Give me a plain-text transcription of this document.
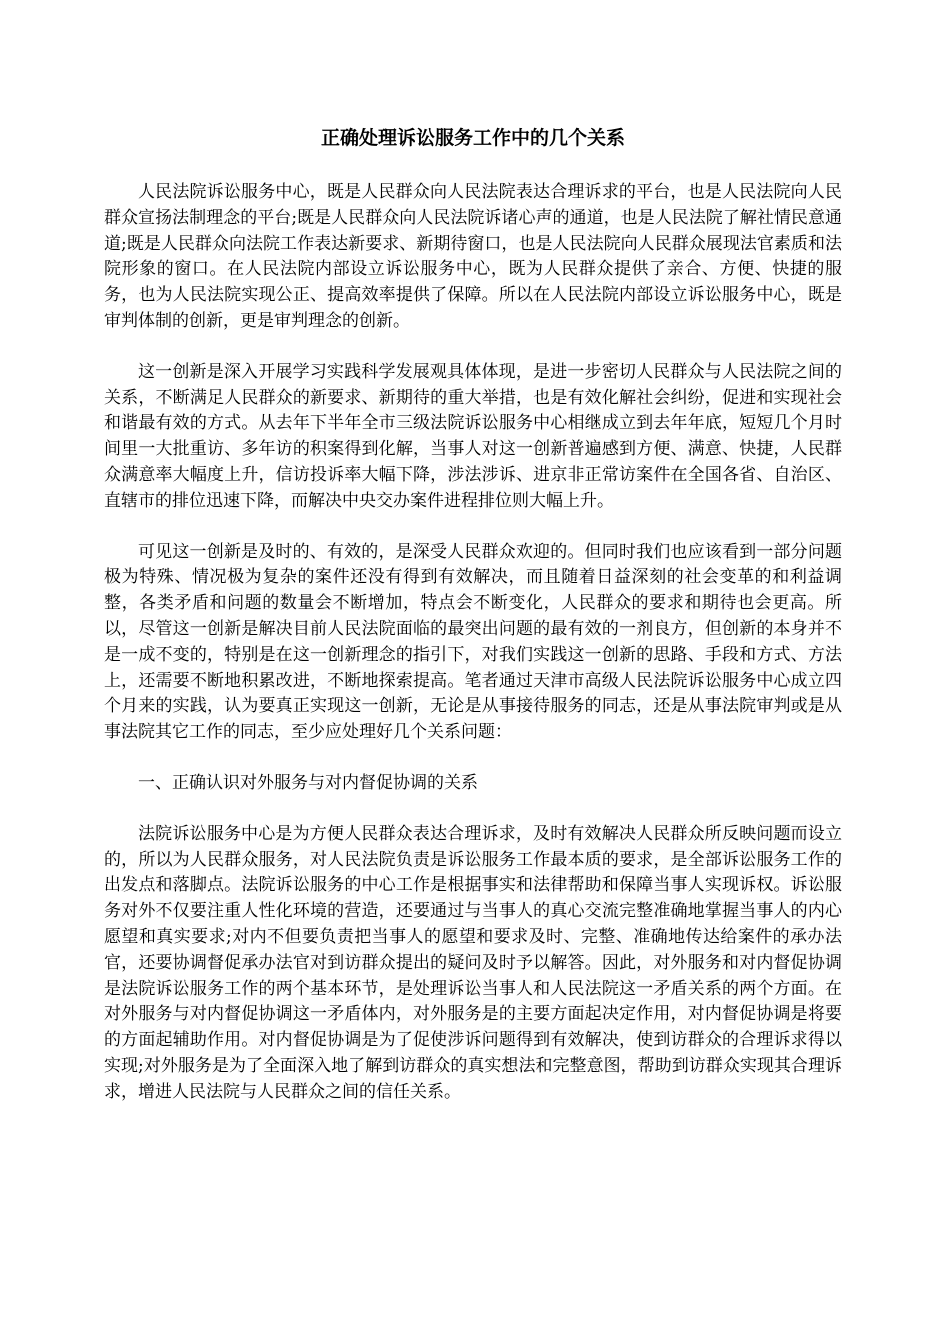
正确处理诉讼服务工作中的几个关系

人民法院诉讼服务中心，既是人民群众向人民法院表达合理诉求的平台，也是人民法院向人民群众宣扬法制理念的平台;既是人民群众向人民法院诉诸心声的通道，也是人民法院了解社情民意通道;既是人民群众向法院工作表达新要求、新期待窗口，也是人民法院向人民群众展现法官素质和法院形象的窗口。在人民法院内部设立诉讼服务中心，既为人民群众提供了亲合、方便、快捷的服务，也为人民法院实现公正、提高效率提供了保障。所以在人民法院内部设立诉讼服务中心，既是审判体制的创新，更是审判理念的创新。

这一创新是深入开展学习实践科学发展观具体体现，是进一步密切人民群众与人民法院之间的关系，不断满足人民群众的新要求、新期待的重大举措，也是有效化解社会纠纷，促进和实现社会和谐最有效的方式。从去年下半年全市三级法院诉讼服务中心相继成立到去年年底，短短几个月时间里一大批重访、多年访的积案得到化解，当事人对这一创新普遍感到方便、满意、快捷，人民群众满意率大幅度上升，信访投诉率大幅下降，涉法涉诉、进京非正常访案件在全国各省、自治区、直辖市的排位迅速下降，而解决中央交办案件进程排位则大幅上升。

可见这一创新是及时的、有效的，是深受人民群众欢迎的。但同时我们也应该看到一部分问题极为特殊、情况极为复杂的案件还没有得到有效解决，而且随着日益深刻的社会变革的和利益调整，各类矛盾和问题的数量会不断增加，特点会不断变化，人民群众的要求和期待也会更高。所以，尽管这一创新是解决目前人民法院面临的最突出问题的最有效的一剂良方，但创新的本身并不是一成不变的，特别是在这一创新理念的指引下，对我们实践这一创新的思路、手段和方式、方法上，还需要不断地积累改进，不断地探索提高。笔者通过天津市高级人民法院诉讼服务中心成立四个月来的实践，认为要真正实现这一创新，无论是从事接待服务的同志，还是从事法院审判或是从事法院其它工作的同志，至少应处理好几个关系问题：

一、正确认识对外服务与对内督促协调的关系

法院诉讼服务中心是为方便人民群众表达合理诉求，及时有效解决人民群众所反映问题而设立的，所以为人民群众服务，对人民法院负责是诉讼服务工作最本质的要求，是全部诉讼服务工作的出发点和落脚点。法院诉讼服务的中心工作是根据事实和法律帮助和保障当事人实现诉权。诉讼服务对外不仅要注重人性化环境的营造，还要通过与当事人的真心交流完整准确地掌握当事人的内心愿望和真实要求;对内不但要负责把当事人的愿望和要求及时、完整、准确地传达给案件的承办法官，还要协调督促承办法官对到访群众提出的疑问及时予以解答。因此，对外服务和对内督促协调是法院诉讼服务工作的两个基本环节，是处理诉讼当事人和人民法院这一矛盾关系的两个方面。在对外服务与对内督促协调这一矛盾体内，对外服务是的主要方面起决定作用，对内督促协调是将要的方面起辅助作用。对内督促协调是为了促使涉诉问题得到有效解决，使到访群众的合理诉求得以实现;对外服务是为了全面深入地了解到访群众的真实想法和完整意图，帮助到访群众实现其合理诉求，增进人民法院与人民群众之间的信任关系。
